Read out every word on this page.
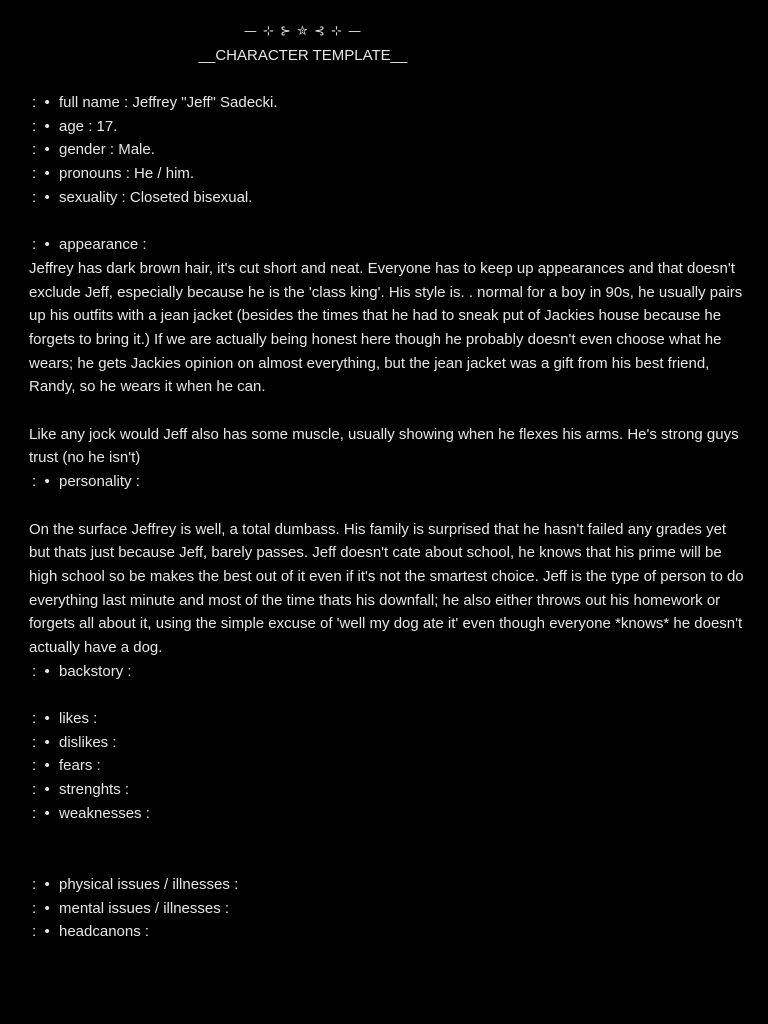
— ⊹ ⊱ ✮ ⊰ ⊹ —
__CHARACTER TEMPLATE__
:  • full name : Jeffrey "Jeff" Sadecki.
:  • age : 17.
:  • gender : Male.
:  • pronouns : He / him.
:  • sexuality : Closeted bisexual.
:  • appearance :

Jeffrey has dark brown hair, it's cut short and neat. Everyone has to keep up appearances and that doesn't exclude Jeff, especially because he is the 'class king'. His style is. . normal for a boy in 90s, he usually pairs up his outfits with a jean jacket (besides the times that he had to sneak put of Jackies house because he forgets to bring it.) If we are actually being honest here though he probably doesn't even choose what he wears; he gets Jackies opinion on almost everything, but the jean jacket was a gift from his best friend, Randy, so he wears it when he can.

Like any jock would Jeff also has some muscle, usually showing when he flexes his arms. He's strong guys trust (no he isn't)

:  • personality :

On the surface Jeffrey is well, a total dumbass. His family is surprised that he hasn't failed any grades yet but thats just because Jeff, barely passes. Jeff doesn't cate about school, he knows that his prime will be high school so be makes the best out of it even if it's not the smartest choice. Jeff is the type of person to do everything last minute and most of the time thats his downfall; he also either throws out his homework or forgets all about it, using the simple excuse of 'well my dog ate it' even though everyone *knows* he doesn't actually have a dog.

:  • backstory :
:  • likes :
:  • dislikes :
:  • fears :
:  • strenghts :
:  • weaknesses :
:  • physical issues / illnesses :
:  • mental issues / illnesses :
:  • headcanons :
